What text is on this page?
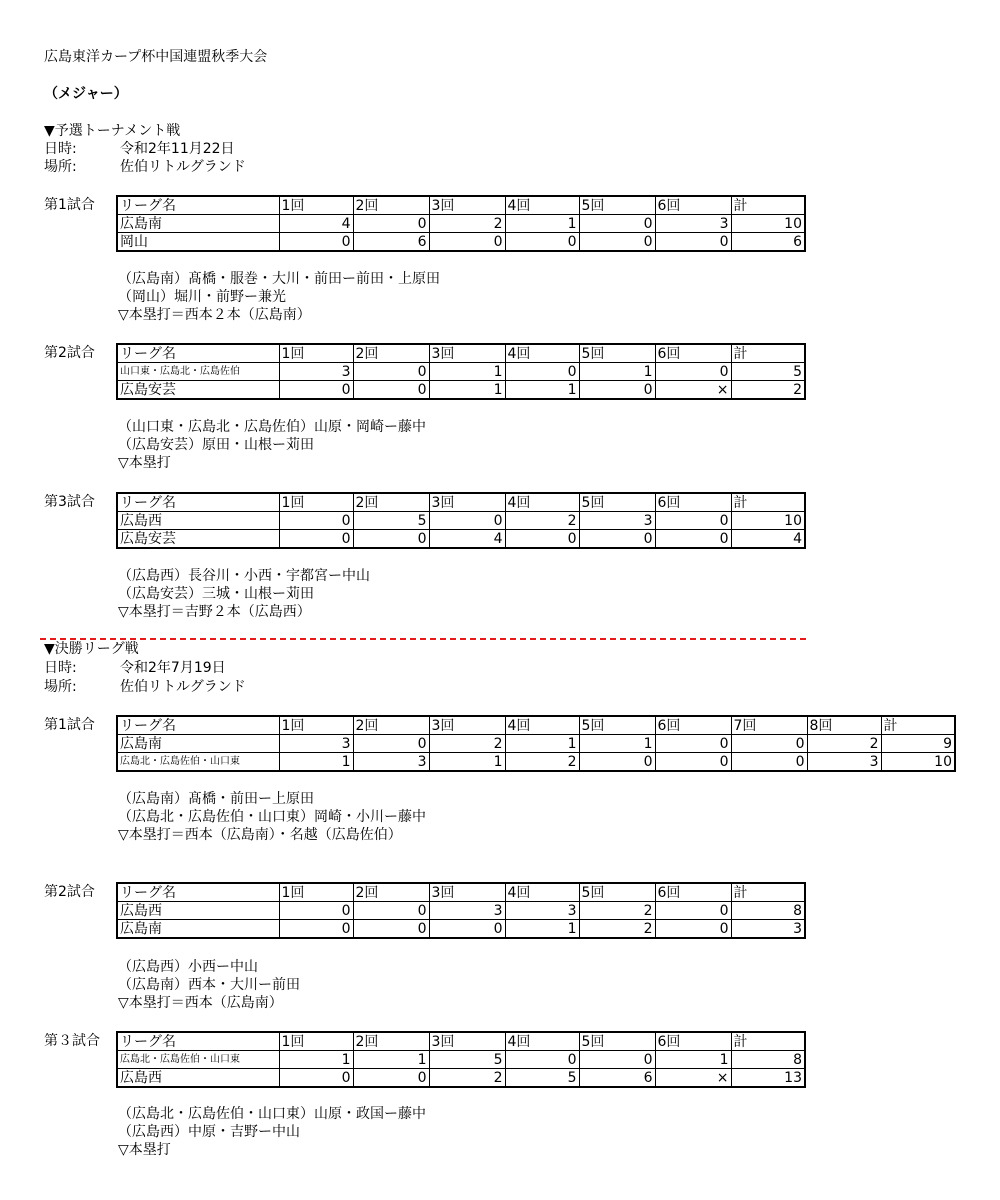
広島東洋カープ杯中国連盟秋季大会
（メジャー）
▼予選トーナメント戦
日時:	令和2年11月22日
場所:	佐伯リトルグランド
第1試合 リーグ名	1回	2回	3回	4回	5回	6回	計
広島南	4	0	2	1	0	3	10
岡山	0	6	0	0	0	0	6
（広島南）髙橋・服巻・大川・前田ー前田・上原田
（岡山）堀川・前野ー兼光
▽本塁打＝西本２本（広島南）
第2試合 リーグ名	1回	2回	3回	4回	5回	6回	計
山口東・広島北・広島佐伯	3	0	1	0	1	0	5
広島安芸	0	0	1	1	0	×	2
（山口東・広島北・広島佐伯）山原・岡崎ー藤中
（広島安芸）原田・山根ー苅田
▽本塁打
第3試合 リーグ名	1回	2回	3回	4回	5回	6回	計
広島西	0	5	0	2	3	0	10
広島安芸	0	0	4	0	0	0	4
（広島西）長谷川・小西・宇都宮ー中山
（広島安芸）三城・山根ー苅田
▽本塁打＝吉野２本（広島西）
第1試合 リーグ名	1回	2回	3回	4回	5回	6回	7回	8回	計
広島南	3	0	2	1	1	0	0	2	9
広島北・広島佐伯・山口東	1	3	1	2	0	0	0	3	10
（広島南）髙橋・前田ー上原田
（広島北・広島佐伯・山口東）岡崎・小川ー藤中
▽本塁打＝西本（広島南）・名越（広島佐伯）
第2試合 リーグ名	1回	2回	3回	4回	5回	6回	計
広島西	0	0	3	3	2	0	8
広島南	0	0	0	1	2	0	3
（広島西）小西ー中山
（広島南）西本・大川ー前田
▽本塁打＝西本（広島南）
第３試合 リーグ名	1回	2回	3回	4回	5回	6回	計
広島北・広島佐伯・山口東	1	1	5	0	0	1	8
広島西	0	0	2	5	6	×	13
（広島北・広島佐伯・山口東）山原・政国ー藤中
（広島西）中原・吉野ー中山
▽本塁打
▼決勝リーグ戦
日時:	令和2年7月19日
場所:	佐伯リトルグランド
